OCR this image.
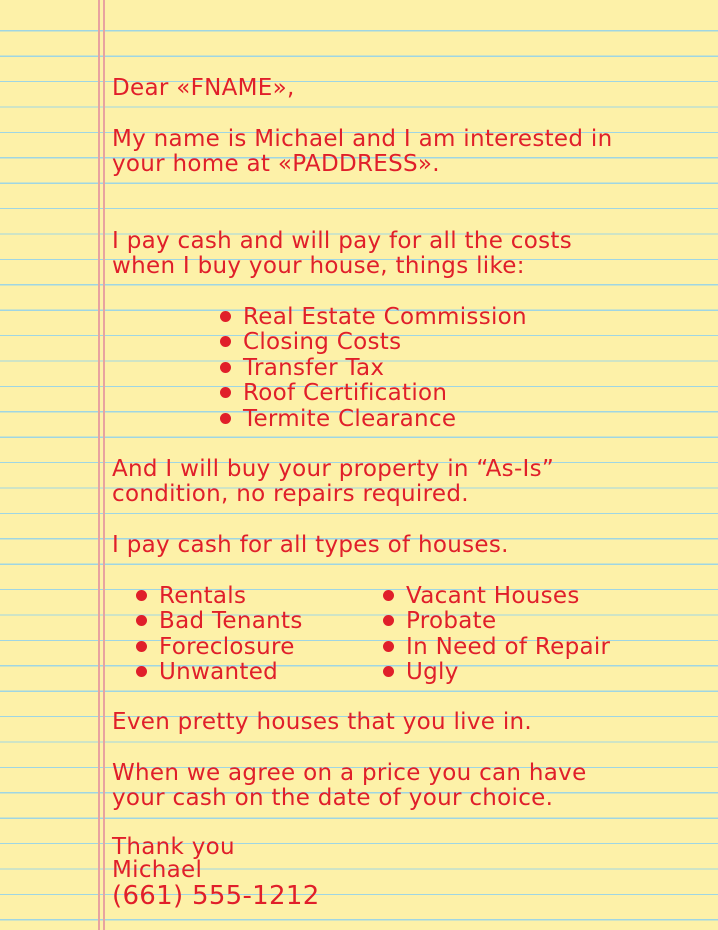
Dear «FNAME»,
My name is Michael and I am interested in
your home at «PADDRESS».
I pay cash and will pay for all the costs
when I buy your house, things like:
Real Estate Commission
Closing Costs
Transfer Tax
Roof Certification
Termite Clearance
And I will buy your property in “As-Is”
condition, no repairs required.
I pay cash for all types of houses.
Rentals
Bad Tenants
Foreclosure
Unwanted
Vacant Houses
Probate
In Need of Repair
Ugly
Even pretty houses that you live in.
When we agree on a price you can have
your cash on the date of your choice.
Thank you
Michael
(661) 555-1212
